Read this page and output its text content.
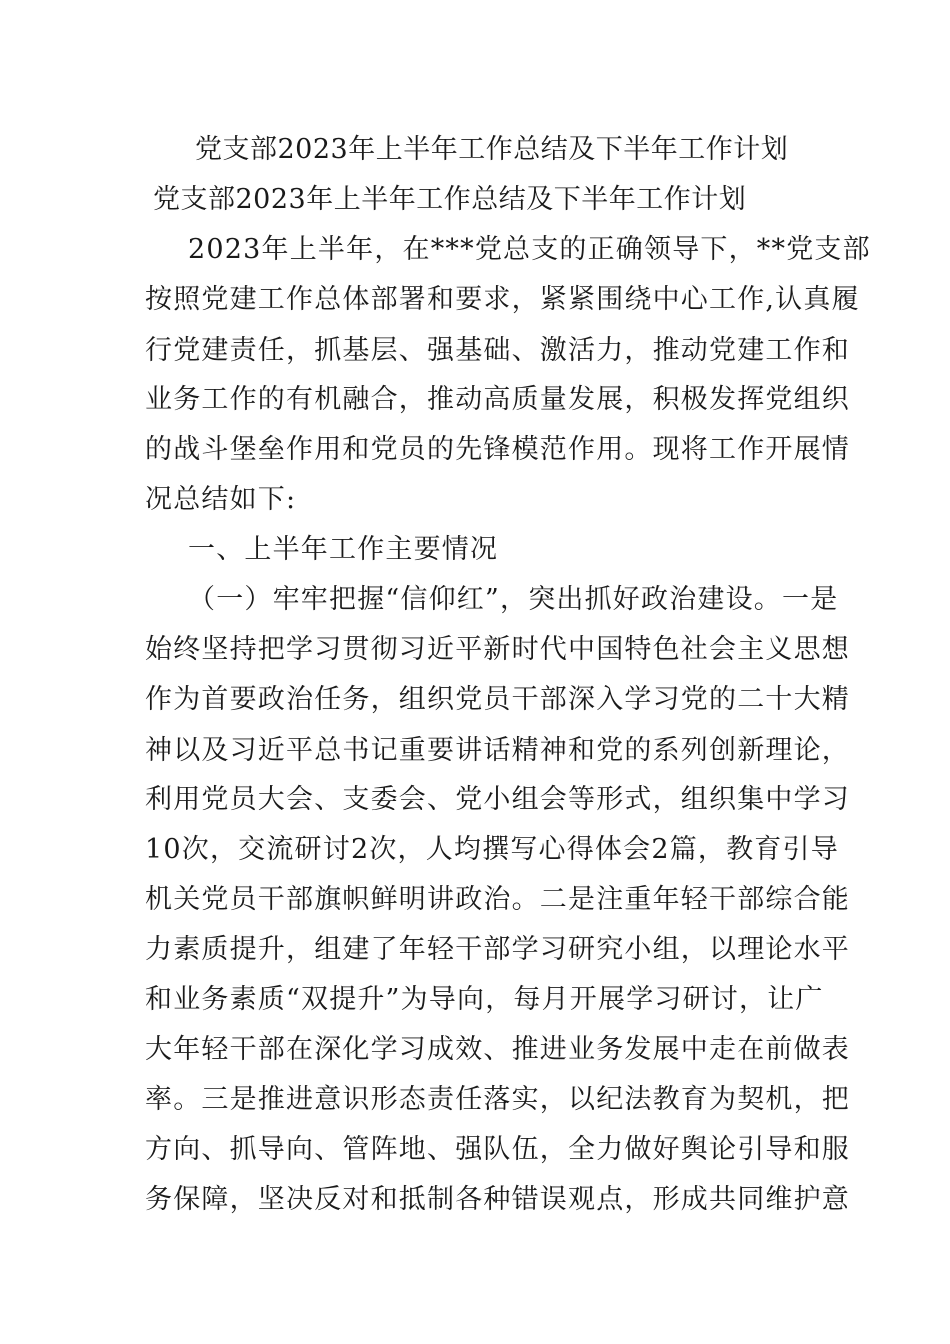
党支部2023年上半年工作总结及下半年工作计划
党支部2023年上半年工作总结及下半年工作计划
2023年上半年，在***党总支的正确领导下，**党支部
按照党建工作总体部署和要求，紧紧围绕中心工作,认真履
行党建责任，抓基层、强基础、激活力，推动党建工作和
业务工作的有机融合，推动高质量发展，积极发挥党组织
的战斗堡垒作用和党员的先锋模范作用。现将工作开展情
况总结如下:
一、上半年工作主要情况
（一）牢牢把握“信仰红”，突出抓好政治建设。一是
始终坚持把学习贯彻习近平新时代中国特色社会主义思想
作为首要政治任务，组织党员干部深入学习党的二十大精
神以及习近平总书记重要讲话精神和党的系列创新理论，
利用党员大会、支委会、党小组会等形式，组织集中学习
10次，交流研讨2次，人均撰写心得体会2篇，教育引导
机关党员干部旗帜鲜明讲政治。二是注重年轻干部综合能
力素质提升，组建了年轻干部学习研究小组，以理论水平
和业务素质“双提升”为导向，每月开展学习研讨，让广
大年轻干部在深化学习成效、推进业务发展中走在前做表
率。三是推进意识形态责任落实，以纪法教育为契机，把
方向、抓导向、管阵地、强队伍，全力做好舆论引导和服
务保障，坚决反对和抵制各种错误观点，形成共同维护意
